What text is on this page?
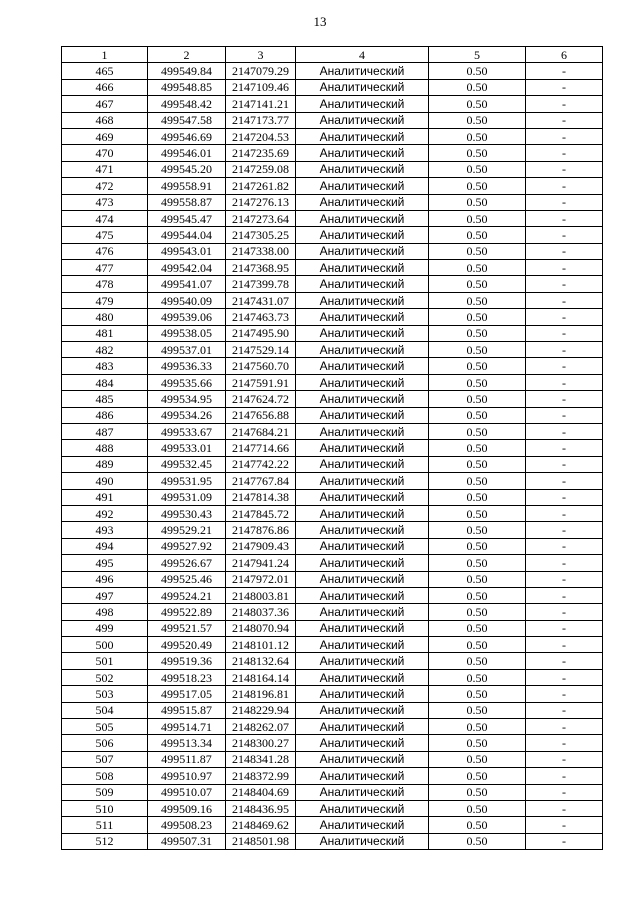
13
1	2	3	4	5	6
465	499549.84	2147079.29	Аналитический	0.50	-
466	499548.85	2147109.46	Аналитический	0.50	-
467	499548.42	2147141.21	Аналитический	0.50	-
468	499547.58	2147173.77	Аналитический	0.50	-
469	499546.69	2147204.53	Аналитический	0.50	-
470	499546.01	2147235.69	Аналитический	0.50	-
471	499545.20	2147259.08	Аналитический	0.50	-
472	499558.91	2147261.82	Аналитический	0.50	-
473	499558.87	2147276.13	Аналитический	0.50	-
474	499545.47	2147273.64	Аналитический	0.50	-
475	499544.04	2147305.25	Аналитический	0.50	-
476	499543.01	2147338.00	Аналитический	0.50	-
477	499542.04	2147368.95	Аналитический	0.50	-
478	499541.07	2147399.78	Аналитический	0.50	-
479	499540.09	2147431.07	Аналитический	0.50	-
480	499539.06	2147463.73	Аналитический	0.50	-
481	499538.05	2147495.90	Аналитический	0.50	-
482	499537.01	2147529.14	Аналитический	0.50	-
483	499536.33	2147560.70	Аналитический	0.50	-
484	499535.66	2147591.91	Аналитический	0.50	-
485	499534.95	2147624.72	Аналитический	0.50	-
486	499534.26	2147656.88	Аналитический	0.50	-
487	499533.67	2147684.21	Аналитический	0.50	-
488	499533.01	2147714.66	Аналитический	0.50	-
489	499532.45	2147742.22	Аналитический	0.50	-
490	499531.95	2147767.84	Аналитический	0.50	-
491	499531.09	2147814.38	Аналитический	0.50	-
492	499530.43	2147845.72	Аналитический	0.50	-
493	499529.21	2147876.86	Аналитический	0.50	-
494	499527.92	2147909.43	Аналитический	0.50	-
495	499526.67	2147941.24	Аналитический	0.50	-
496	499525.46	2147972.01	Аналитический	0.50	-
497	499524.21	2148003.81	Аналитический	0.50	-
498	499522.89	2148037.36	Аналитический	0.50	-
499	499521.57	2148070.94	Аналитический	0.50	-
500	499520.49	2148101.12	Аналитический	0.50	-
501	499519.36	2148132.64	Аналитический	0.50	-
502	499518.23	2148164.14	Аналитический	0.50	-
503	499517.05	2148196.81	Аналитический	0.50	-
504	499515.87	2148229.94	Аналитический	0.50	-
505	499514.71	2148262.07	Аналитический	0.50	-
506	499513.34	2148300.27	Аналитический	0.50	-
507	499511.87	2148341.28	Аналитический	0.50	-
508	499510.97	2148372.99	Аналитический	0.50	-
509	499510.07	2148404.69	Аналитический	0.50	-
510	499509.16	2148436.95	Аналитический	0.50	-
511	499508.23	2148469.62	Аналитический	0.50	-
512	499507.31	2148501.98	Аналитический	0.50	-
